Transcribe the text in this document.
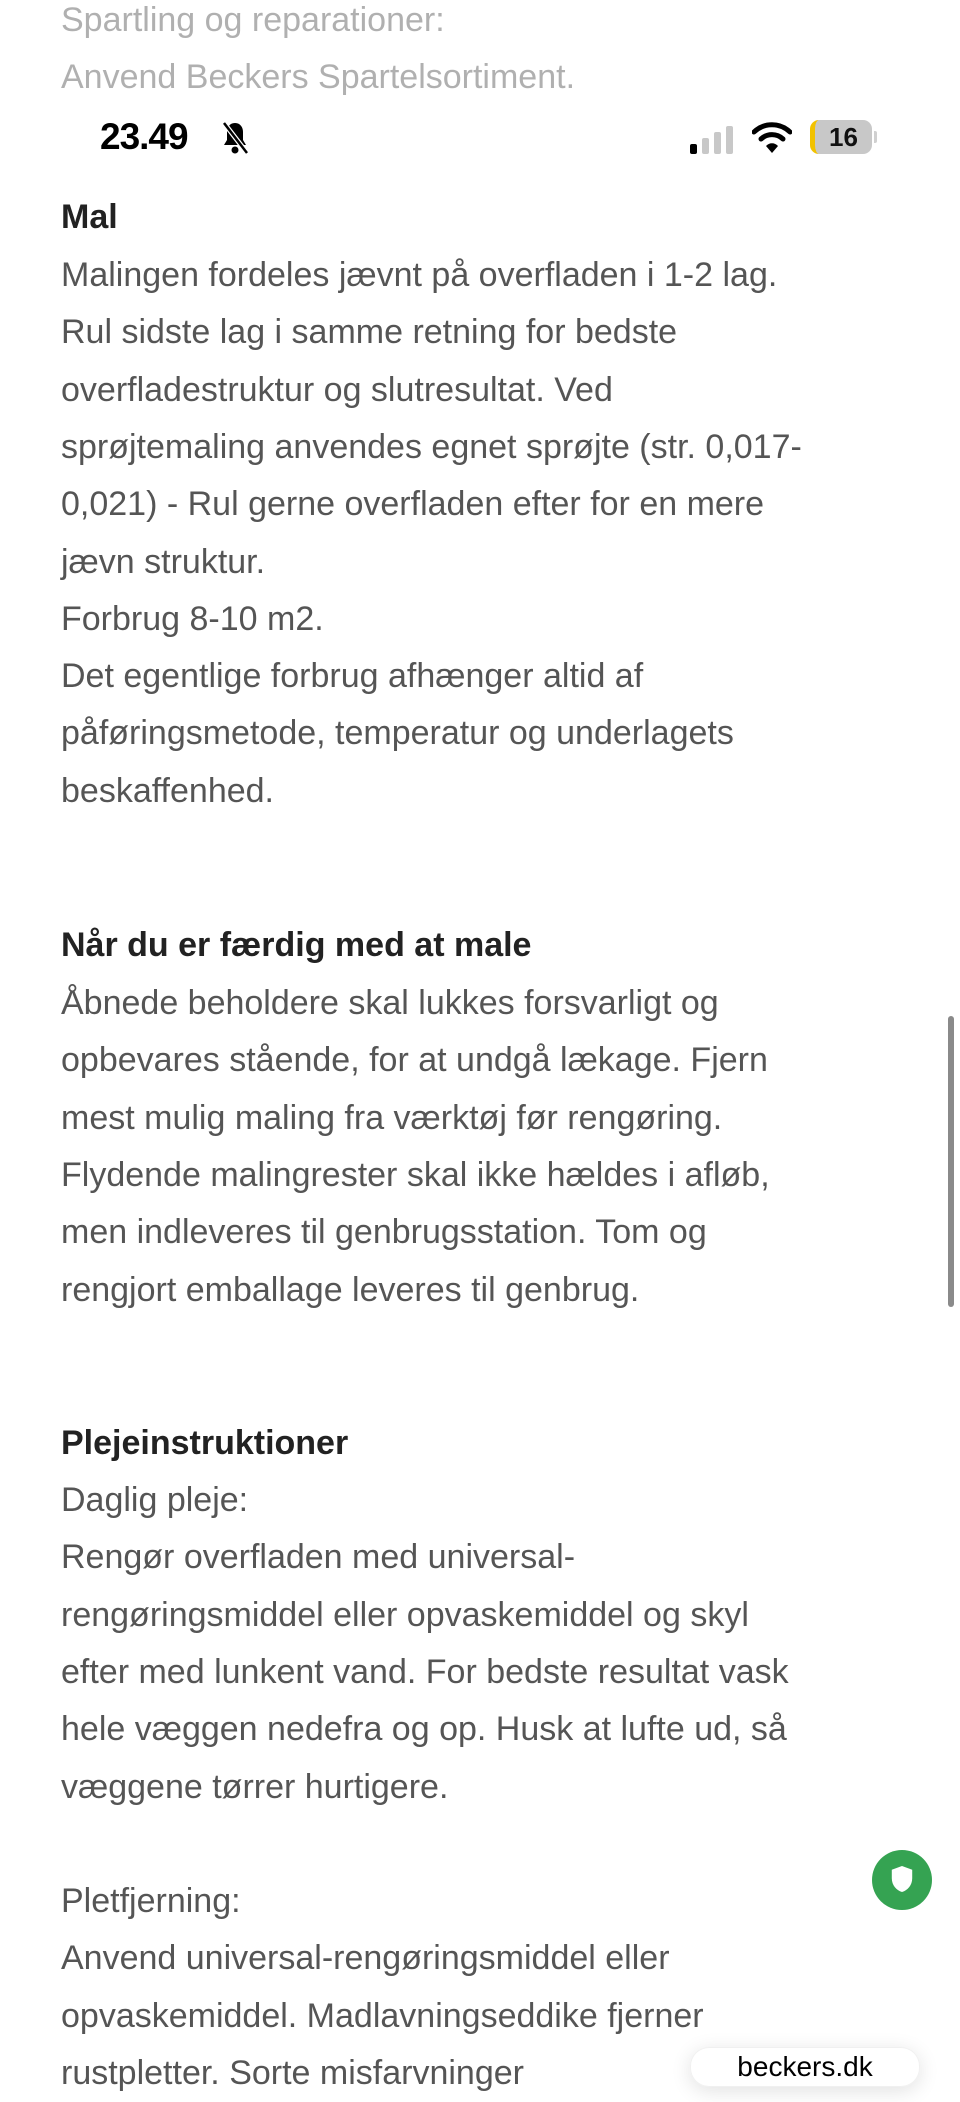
Spartling og reparationer:
Anvend Beckers Spartelsortiment.
Mal
Malingen fordeles jævnt på overfladen i 1-2 lag.
Rul sidste lag i samme retning for bedste
overfladestruktur og slutresultat. Ved
sprøjtemaling anvendes egnet sprøjte (str. 0,017-
0,021) - Rul gerne overfladen efter for en mere
jævn struktur.
Forbrug 8-10 m2.
Det egentlige forbrug afhænger altid af
påføringsmetode, temperatur og underlagets
beskaffenhed.
Når du er færdig med at male
Åbnede beholdere skal lukkes forsvarligt og
opbevares stående, for at undgå lækage. Fjern
mest mulig maling fra værktøj før rengøring.
Flydende malingrester skal ikke hældes i afløb,
men indleveres til genbrugsstation. Tom og
rengjort emballage leveres til genbrug.
Plejeinstruktioner
Daglig pleje:
Rengør overfladen med universal-
rengøringsmiddel eller opvaskemiddel og skyl
efter med lunkent vand. For bedste resultat vask
hele væggen nedefra og op. Husk at lufte ud, så
væggene tørrer hurtigere.
Pletfjerning:
Anvend universal-rengøringsmiddel eller
opvaskemiddel. Madlavningseddike fjerner
rustpletter. Sorte misfarvninger
23.49	16
beckers.dk
